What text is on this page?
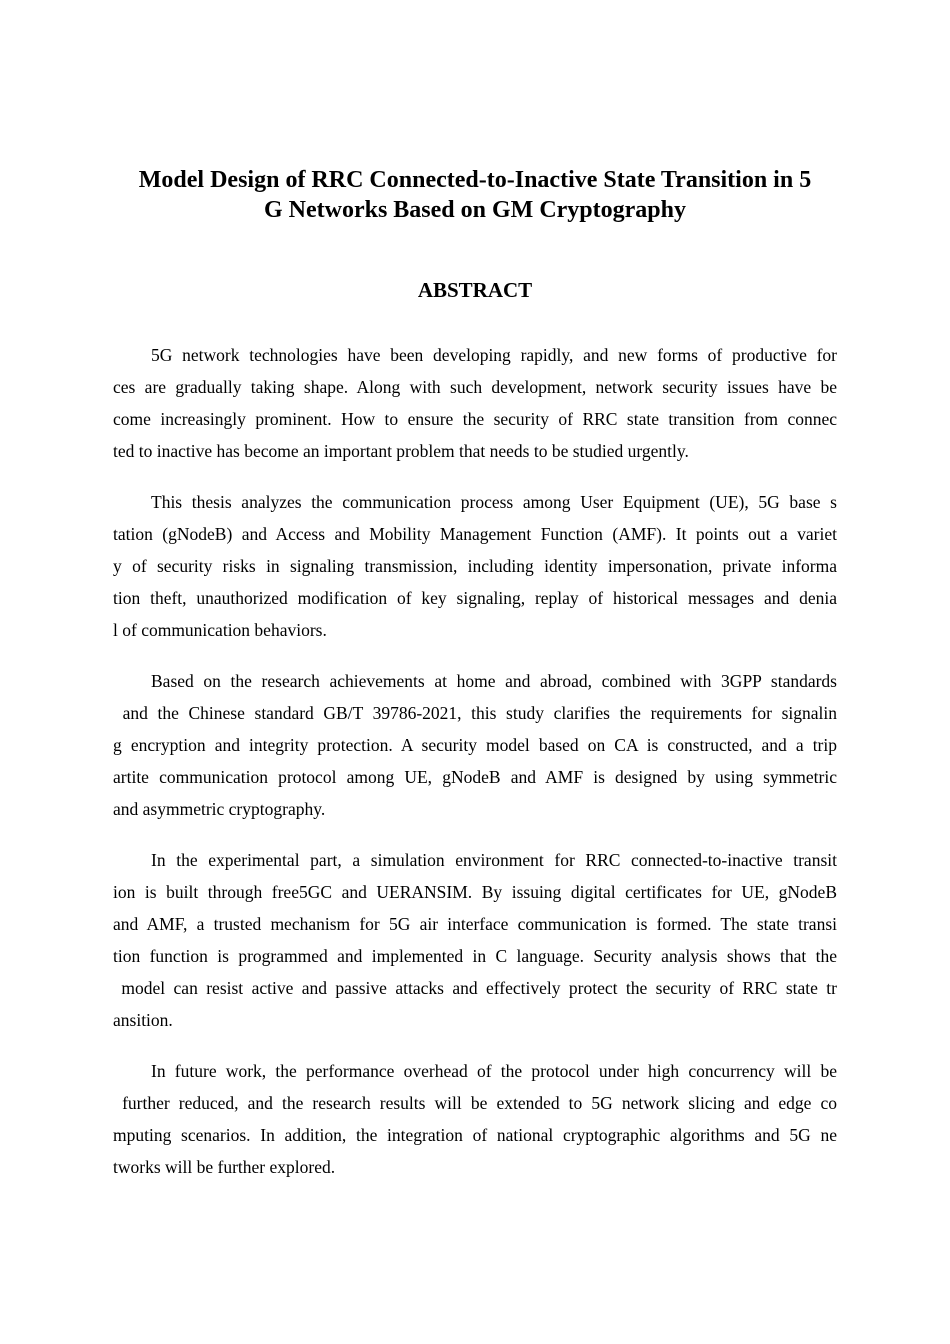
Model Design of RRC Connected-to-Inactive State Transition in 5
G Networks Based on GM Cryptography
ABSTRACT
5G network technologies have been developing rapidly, and new forms of productive for
ces are gradually taking shape. Along with such development, network security issues have be
come increasingly prominent. How to ensure the security of RRC state transition from connec
ted to inactive has become an important problem that needs to be studied urgently.
This thesis analyzes the communication process among User Equipment (UE), 5G base s
tation (gNodeB) and Access and Mobility Management Function (AMF). It points out a variet
y of security risks in signaling transmission, including identity impersonation, private informa
tion theft, unauthorized modification of key signaling, replay of historical messages and denia
l of communication behaviors.
Based on the research achievements at home and abroad, combined with 3GPP standards
and the Chinese standard GB/T 39786-2021, this study clarifies the requirements for signalin
g encryption and integrity protection. A security model based on CA is constructed, and a trip
artite communication protocol among UE, gNodeB and AMF is designed by using symmetric
and asymmetric cryptography.
In the experimental part, a simulation environment for RRC connected-to-inactive transit
ion is built through free5GC and UERANSIM. By issuing digital certificates for UE, gNodeB
and AMF, a trusted mechanism for 5G air interface communication is formed. The state transi
tion function is programmed and implemented in C language. Security analysis shows that the
model can resist active and passive attacks and effectively protect the security of RRC state tr
ansition.
In future work, the performance overhead of the protocol under high concurrency will be
further reduced, and the research results will be extended to 5G network slicing and edge co
mputing scenarios. In addition, the integration of national cryptographic algorithms and 5G ne
tworks will be further explored.
